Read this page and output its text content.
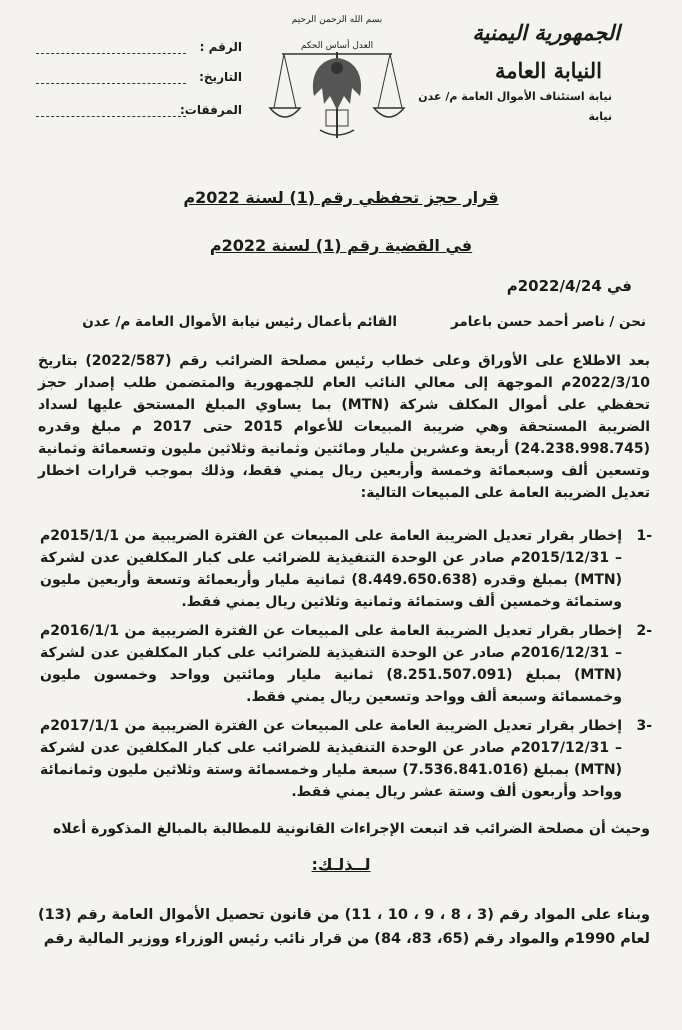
الجمهورية اليمنية
النيابة العامة
نيابة استئناف الأموال العامة م/ عدن
نيابة
بسم الله الرحمن الرحيم
العدل أساس الحكم
الرقم :
التاريخ:
المرفقات:
قرار حجز تحفظي رقم (1) لسنة 2022م
في القضية رقم (1) لسنة 2022م
في 2022/4/24م
نحن / ناصر أحمد حسن باعامر
القائم بأعمال رئيس نيابة الأموال العامة م/ عدن
بعد الاطلاع على الأوراق وعلى خطاب رئيس مصلحة الضرائب رقم (2022/587) بتاريخ 2022/3/10م الموجهة إلى معالي النائب العام للجمهورية والمتضمن طلب إصدار حجز تحفظي على أموال المكلف شركة (MTN) بما يساوي المبلغ المستحق عليها لسداد الضريبة المستحقة وهي ضريبة المبيعات للأعوام 2015 حتى 2017 م مبلغ وقدره (24.238.998.745) أربعة وعشرين مليار ومائتين وثمانية وثلاثين مليون وتسعمائة وثمانية وتسعين ألف وسبعمائة وخمسة وأربعين ريال يمني فقط، وذلك بموجب قرارات اخطار تعديل الضريبة العامة على المبيعات التالية:
-1
إخطار بقرار تعديل الضريبة العامة على المبيعات عن الفترة الضريبية من 2015/1/1م – 2015/12/31م صادر عن الوحدة التنفيذية للضرائب على كبار المكلفين عدن لشركة (MTN) بمبلغ وقدره (8.449.650.638) ثمانية مليار وأربعمائة وتسعة وأربعين مليون وستمائة وخمسين ألف وستمائة وثمانية وثلاثين ريال يمني فقط.
-2
إخطار بقرار تعديل الضريبة العامة على المبيعات عن الفترة الضريبية من 2016/1/1م – 2016/12/31م صادر عن الوحدة التنفيذية للضرائب على كبار المكلفين عدن لشركة (MTN) بمبلغ (8.251.507.091) ثمانية مليار ومائتين وواحد وخمسون مليون وخمسمائة وسبعة ألف وواحد وتسعين ريال يمني فقط.
-3
إخطار بقرار تعديل الضريبة العامة على المبيعات عن الفترة الضريبية من 2017/1/1م – 2017/12/31م صادر عن الوحدة التنفيذية للضرائب على كبار المكلفين عدن لشركة (MTN) بمبلغ (7.536.841.016) سبعة مليار وخمسمائة وستة وثلاثين مليون وثمانمائة وواحد وأربعون ألف وستة عشر ريال يمني فقط.
وحيث أن مصلحة الضرائب قد اتبعت الإجراءات القانونية للمطالبة بالمبالغ المذكورة أعلاه
لــذلـك:
وبناء على المواد رقم (3 ، 8 ، 9 ، 10 ، 11) من قانون تحصيل الأموال العامة رقم (13) لعام 1990م والمواد رقم (65، 83، 84) من قرار نائب رئيس الوزراء ووزير المالية رقم
